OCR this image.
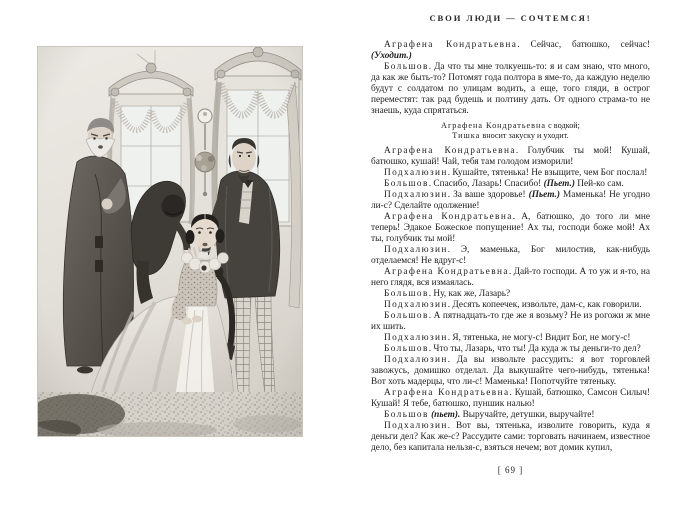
СВОИ ЛЮДИ — СОЧТЕМСЯ!

Аграфена Кондратьевна. Сейчас, батюшко, сейчас! (Уходит.)

Большов. Да что ты мне толкуешь-то: я и сам знаю, что много, да как же быть-то? Потомят года полтора в яме-то, да каждую неделю будут с солдатом по улицам водить, а еще, того гляди, в острог переместят: так рад будешь и полтину дать. От одного страма-то не знаешь, куда спрятаться.

Аграфена Кондратьевна с водкой;
Тишка вносит закуску и уходит.

Аграфена Кондратьевна. Голубчик ты мой! Кушай, батюшко, кушай! Чай, тебя там голодом изморили!

Подхалюзин. Кушайте, тятенька! Не взыщите, чем Бог послал!

Большов. Спасибо, Лазарь! Спасибо! (Пьет.) Пей-ко сам.

Подхалюзин. За ваше здоровье! (Пьет.) Маменька! Не угодно ли-с? Сделайте одолжение!

Аграфена Кондратьевна. А, батюшко, до того ли мне теперь! Эдакое Божеское попущение! Ах ты, господи боже мой! Ах ты, голубчик ты мой!

Подхалюзин. Э, маменька, Бог милостив, как-нибудь отделаемся! Не вдруг-с!

Аграфена Кондратьевна. Дай-то господи. А то уж и я-то, на него глядя, вся измаялась.

Большов. Ну, как же, Лазарь?

Подхалюзин. Десять копеечек, извольте, дам-с, как говорили.

Большов. А пятнадцать-то где же я возьму? Не из рогожи ж мне их шить.

Подхалюзин. Я, тятенька, не могу-с! Видит Бог, не могу-с!

Большов. Что ты, Лазарь, что ты! Да куда ж ты деньги-то дел?

Подхалюзин. Да вы извольте рассудить: я вот торговлей завожусь, домишко отделал. Да выкушайте чего-нибудь, тятенька! Вот хоть мадерцы, что ли-с! Маменька! Попотчуйте тятеньку.

Аграфена Кондратьевна. Кушай, батюшко, Самсон Силыч! Кушай! Я тебе, батюшко, пуншик налью!

Большов (пьет). Выручайте, детушки, выручайте!

Подхалюзин. Вот вы, тятенька, изволите говорить, куда я деньги дел? Как же-с? Рассудите сами: торговать начинаем, известное дело, без капитала нельзя-с, взяться нечем; вот домик купил,

[ 69 ]
